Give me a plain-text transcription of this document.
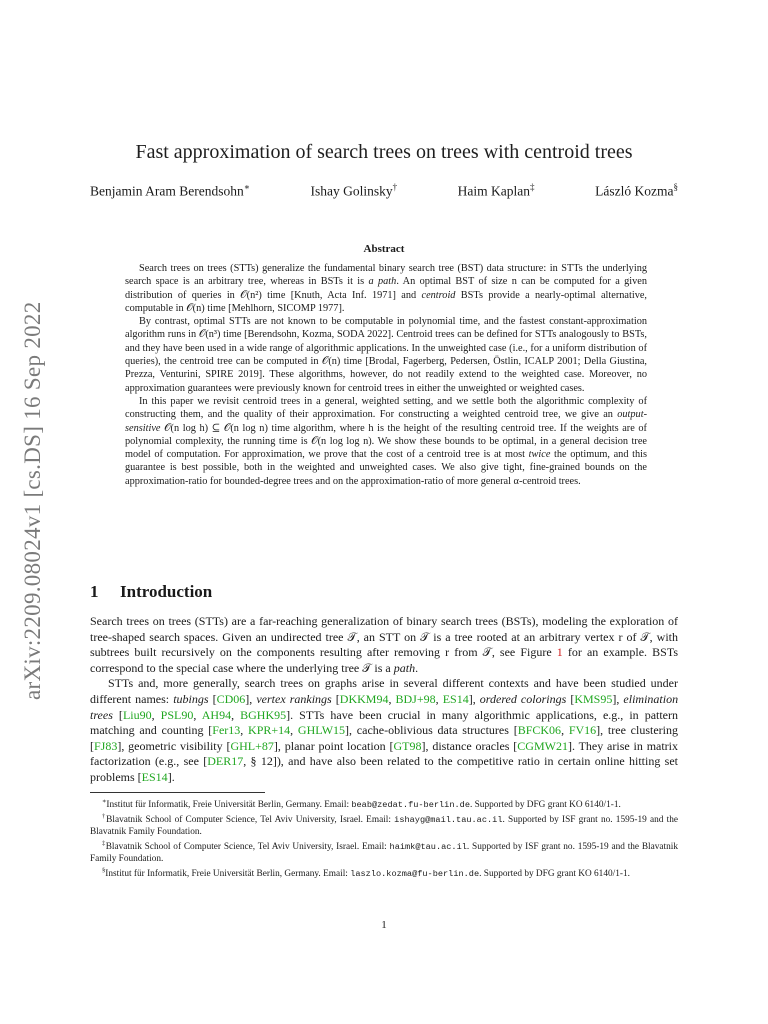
arXiv:2209.08024v1 [cs.DS] 16 Sep 2022
Fast approximation of search trees on trees with centroid trees
Benjamin Aram Berendsohn∗	Ishay Golinsky†	Haim Kaplan‡	László Kozma§
Abstract

Search trees on trees (STTs) generalize the fundamental binary search tree (BST) data structure: in STTs the underlying search space is an arbitrary tree, whereas in BSTs it is a path. An optimal BST of size n can be computed for a given distribution of queries in 𝒪(n²) time [Knuth, Acta Inf. 1971] and centroid BSTs provide a nearly-optimal alternative, computable in 𝒪(n) time [Mehlhorn, SICOMP 1977].

By contrast, optimal STTs are not known to be computable in polynomial time, and the fastest constant-approximation algorithm runs in 𝒪(n³) time [Berendsohn, Kozma, SODA 2022]. Centroid trees can be defined for STTs analogously to BSTs, and they have been used in a wide range of algorithmic applications. In the unweighted case (i.e., for a uniform distribution of queries), the centroid tree can be computed in 𝒪(n) time [Brodal, Fagerberg, Pedersen, Östlin, ICALP 2001; Della Giustina, Prezza, Venturini, SPIRE 2019]. These algorithms, however, do not readily extend to the weighted case. Moreover, no approximation guarantees were previously known for centroid trees in either the unweighted or weighted cases.

In this paper we revisit centroid trees in a general, weighted setting, and we settle both the algorithmic complexity of constructing them, and the quality of their approximation. For constructing a weighted centroid tree, we give an output-sensitive 𝒪(n log h) ⊆ 𝒪(n log n) time algorithm, where h is the height of the resulting centroid tree. If the weights are of polynomial complexity, the running time is 𝒪(n log log n). We show these bounds to be optimal, in a general decision tree model of computation. For approximation, we prove that the cost of a centroid tree is at most twice the optimum, and this guarantee is best possible, both in the weighted and unweighted cases. We also give tight, fine-grained bounds on the approximation-ratio for bounded-degree trees and on the approximation-ratio of more general α-centroid trees.

1 Introduction

Search trees on trees (STTs) are a far-reaching generalization of binary search trees (BSTs), modeling the exploration of tree-shaped search spaces. Given an undirected tree 𝒯, an STT on 𝒯 is a tree rooted at an arbitrary vertex r of 𝒯, with subtrees built recursively on the components resulting after removing r from 𝒯, see Figure 1 for an example. BSTs correspond to the special case where the underlying tree 𝒯 is a path.

STTs and, more generally, search trees on graphs arise in several different contexts and have been studied under different names: tubings [CD06], vertex rankings [DKKM94, BDJ+98, ES14], ordered colorings [KMS95], elimination trees [Liu90, PSL90, AH94, BGHK95]. STTs have been crucial in many algorithmic applications, e.g., in pattern matching and counting [Fer13, KPR+14, GHLW15], cache-oblivious data structures [BFCK06, FV16], tree clustering [FJ83], geometric visibility [GHL+87], planar point location [GT98], distance oracles [CGMW21]. They arise in matrix factorization (e.g., see [DER17, § 12]), and have also been related to the competitive ratio in certain online hitting set problems [ES14].

∗Institut für Informatik, Freie Universität Berlin, Germany. Email: beab@zedat.fu-berlin.de. Supported by DFG grant KO 6140/1-1.

†Blavatnik School of Computer Science, Tel Aviv University, Israel. Email: ishayg@mail.tau.ac.il. Supported by ISF grant no. 1595-19 and the Blavatnik Family Foundation.

‡Blavatnik School of Computer Science, Tel Aviv University, Israel. Email: haimk@tau.ac.il. Supported by ISF grant no. 1595-19 and the Blavatnik Family Foundation.

§Institut für Informatik, Freie Universität Berlin, Germany. Email: laszlo.kozma@fu-berlin.de. Supported by DFG grant KO 6140/1-1.

1
